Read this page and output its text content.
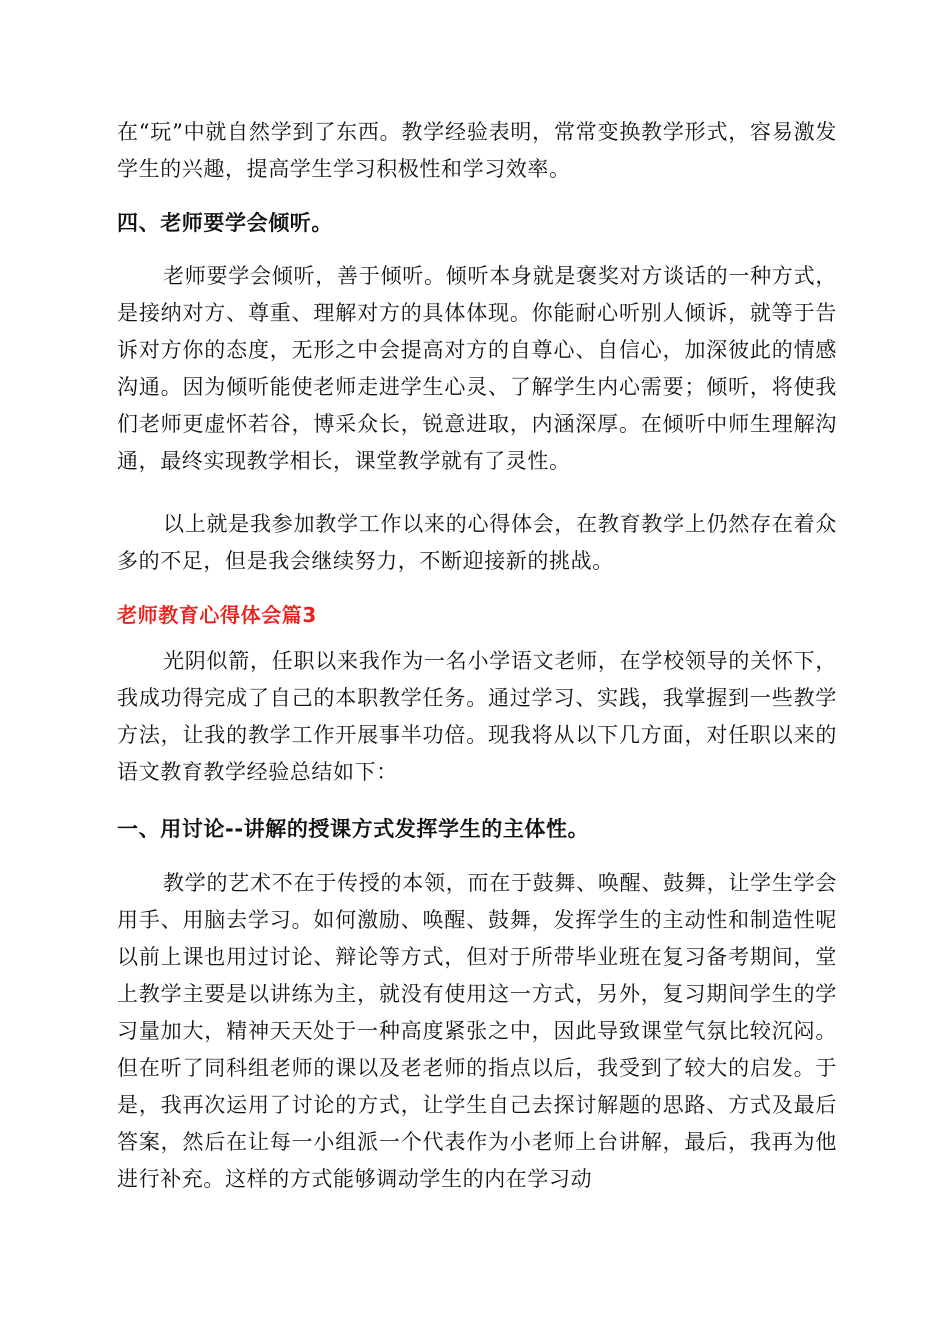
在“玩”中就自然学到了东西。教学经验表明，常常变换教学形式，容易激发学生的兴趣，提高学生学习积极性和学习效率。

四、老师要学会倾听。

老师要学会倾听，善于倾听。倾听本身就是褒奖对方谈话的一种方式，是接纳对方、尊重、理解对方的具体体现。你能耐心听别人倾诉，就等于告诉对方你的态度，无形之中会提高对方的自尊心、自信心，加深彼此的情感沟通。因为倾听能使老师走进学生心灵、了解学生内心需要；倾听，将使我们老师更虚怀若谷，博采众长，锐意进取，内涵深厚。在倾听中师生理解沟通，最终实现教学相长，课堂教学就有了灵性。

以上就是我参加教学工作以来的心得体会，在教育教学上仍然存在着众多的不足，但是我会继续努力，不断迎接新的挑战。

老师教育心得体会篇3

光阴似箭，任职以来我作为一名小学语文老师，在学校领导的关怀下，我成功得完成了自己的本职教学任务。通过学习、实践，我掌握到一些教学方法，让我的教学工作开展事半功倍。现我将从以下几方面，对任职以来的语文教育教学经验总结如下：

一、用讨论--讲解的授课方式发挥学生的主体性。

教学的艺术不在于传授的本领，而在于鼓舞、唤醒、鼓舞，让学生学会用手、用脑去学习。如何激励、唤醒、鼓舞，发挥学生的主动性和制造性呢以前上课也用过讨论、辩论等方式，但对于所带毕业班在复习备考期间，堂上教学主要是以讲练为主，就没有使用这一方式，另外，复习期间学生的学习量加大，精神天天处于一种高度紧张之中，因此导致课堂气氛比较沉闷。但在听了同科组老师的课以及老老师的指点以后，我受到了较大的启发。于是，我再次运用了讨论的方式，让学生自己去探讨解题的思路、方式及最后答案，然后在让每一小组派一个代表作为小老师上台讲解，最后，我再为他进行补充。这样的方式能够调动学生的内在学习动
